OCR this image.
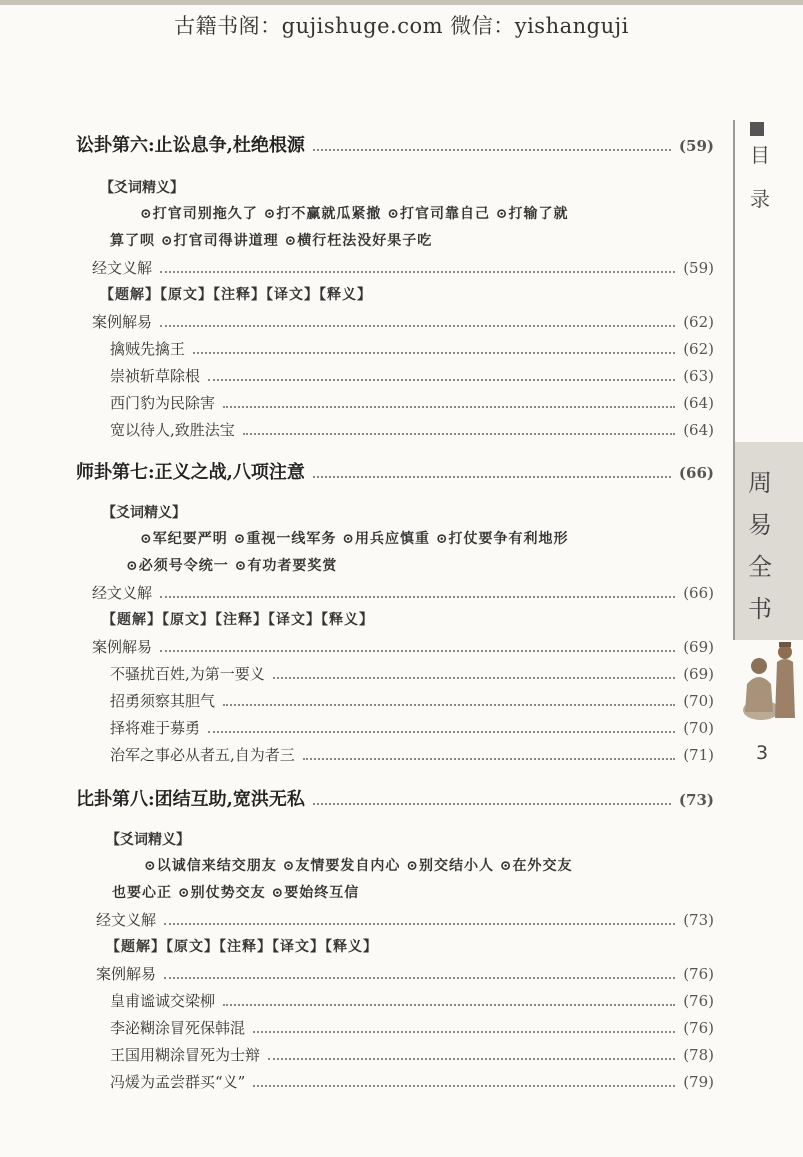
古籍书阁：gujishuge.com 微信：yishanguji
目
录
周
易
全
书
3
讼卦第六:止讼息争,杜绝根源	(59)
【爻词精义】
⊙打官司别拖久了 ⊙打不赢就瓜紧撤 ⊙打官司靠自己 ⊙打输了就
算了呗 ⊙打官司得讲道理 ⊙横行枉法没好果子吃
经文义解	(59)
【题解】【原文】【注释】【译文】【释义】
案例解易	(62)
擒贼先擒王	(62)
崇祯斩草除根	(63)
西门豹为民除害	(64)
宽以待人,致胜法宝	(64)
师卦第七:正义之战,八项注意	(66)
【爻词精义】
⊙军纪要严明 ⊙重视一线军务 ⊙用兵应慎重 ⊙打仗要争有利地形
⊙必须号令统一 ⊙有功者要奖赏
经文义解	(66)
【题解】【原文】【注释】【译文】【释义】
案例解易	(69)
不骚扰百姓,为第一要义	(69)
招勇须察其胆气	(70)
择将难于募勇	(70)
治军之事必从者五,自为者三	(71)
比卦第八:团结互助,宽洪无私	(73)
【爻词精义】
⊙以诚信来结交朋友 ⊙友情要发自内心 ⊙别交结小人 ⊙在外交友
也要心正 ⊙别仗势交友 ⊙要始终互信
经文义解	(73)
【题解】【原文】【注释】【译文】【释义】
案例解易	(76)
皇甫谧诚交梁柳	(76)
李泌糊涂冒死保韩混	(76)
王国用糊涂冒死为士辩	(78)
冯煖为孟尝群买“义”	(79)
